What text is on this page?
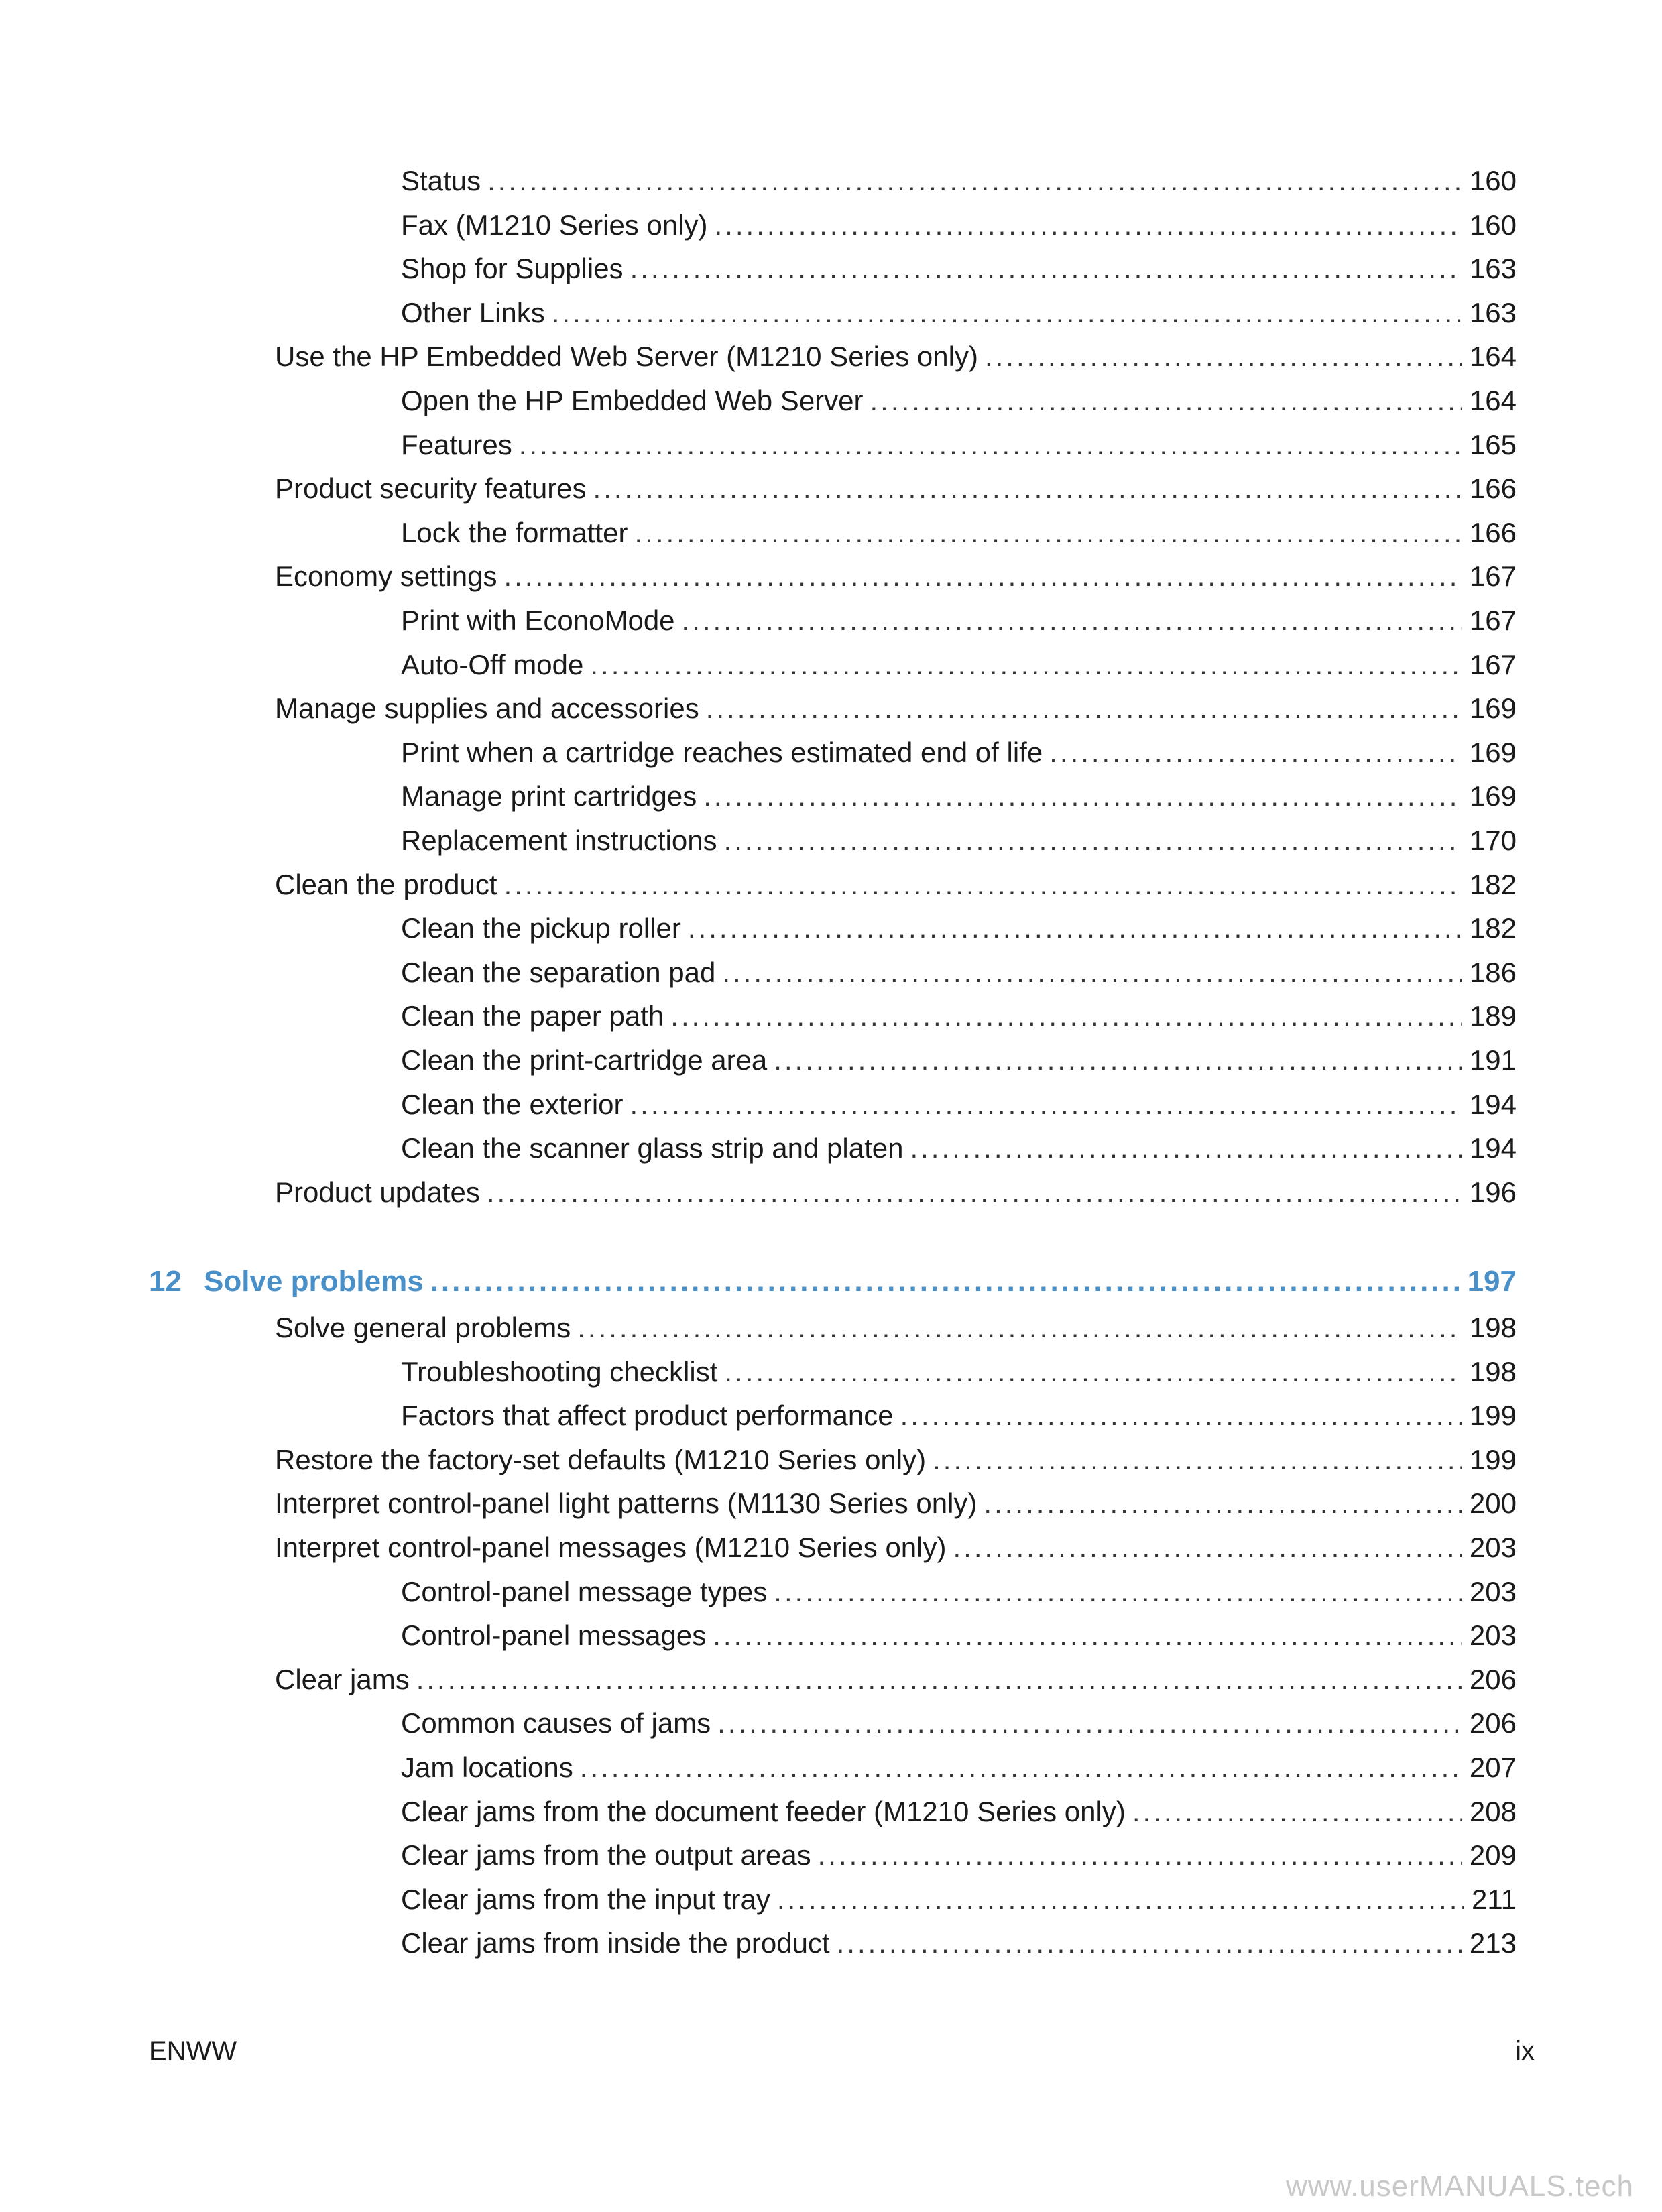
Status .....	160
Fax (M1210 Series only) .....	160
Shop for Supplies .....	163
Other Links .....	163
Use the HP Embedded Web Server (M1210 Series only) .....	164
Open the HP Embedded Web Server .....	164
Features .....	165
Product security features .....	166
Lock the formatter .....	166
Economy settings .....	167
Print with EconoMode .....	167
Auto-Off mode .....	167
Manage supplies and accessories .....	169
Print when a cartridge reaches estimated end of life .....	169
Manage print cartridges .....	169
Replacement instructions .....	170
Clean the product .....	182
Clean the pickup roller .....	182
Clean the separation pad .....	186
Clean the paper path .....	189
Clean the print-cartridge area .....	191
Clean the exterior .....	194
Clean the scanner glass strip and platen .....	194
Product updates .....	196
12 Solve problems .....	197
Solve general problems .....	198
Troubleshooting checklist .....	198
Factors that affect product performance .....	199
Restore the factory-set defaults (M1210 Series only) .....	199
Interpret control-panel light patterns (M1130 Series only) .....	200
Interpret control-panel messages (M1210 Series only) .....	203
Control-panel message types .....	203
Control-panel messages .....	203
Clear jams .....	206
Common causes of jams .....	206
Jam locations .....	207
Clear jams from the document feeder (M1210 Series only) .....	208
Clear jams from the output areas .....	209
Clear jams from the input tray .....	211
Clear jams from inside the product .....	213
ENWW	ix
www.userMANUALS.tech
